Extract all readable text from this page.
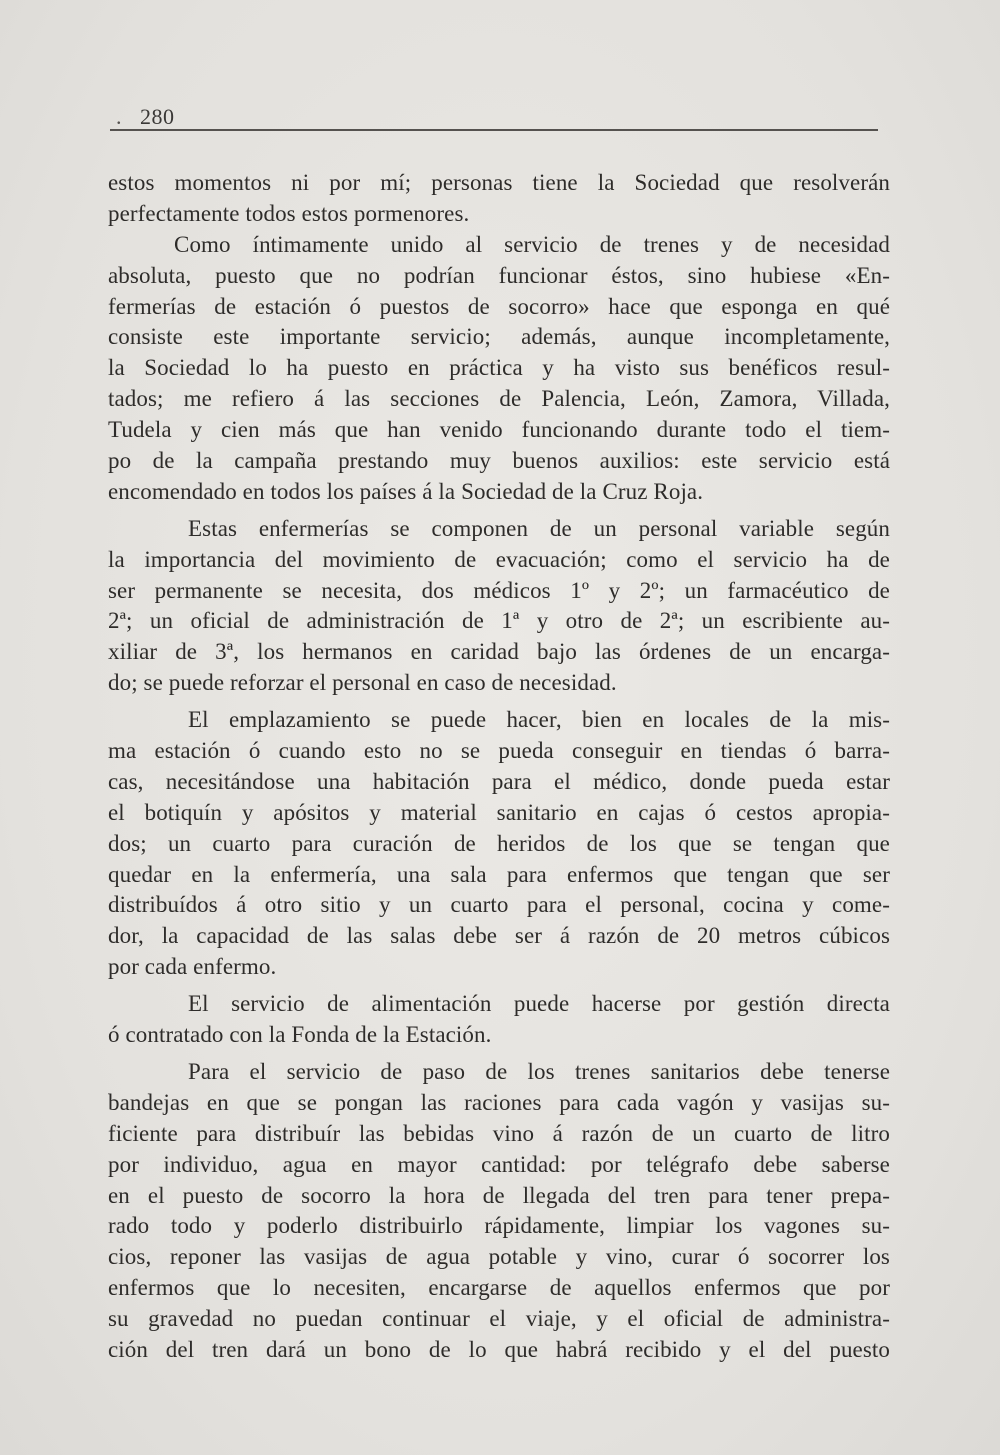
. 280
estos momentos ni por mí; personas tiene la Sociedad que resolverán
perfectamente todos estos pormenores.
Como íntimamente unido al servicio de trenes y de necesidad
absoluta, puesto que no podrían funcionar éstos, sino hubiese «En-
fermerías de estación ó puestos de socorro» hace que esponga en qué
consiste este importante servicio; además, aunque incompletamente,
la Sociedad lo ha puesto en práctica y ha visto sus benéficos resul-
tados; me refiero á las secciones de Palencia, León, Zamora, Villada,
Tudela y cien más que han venido funcionando durante todo el tiem-
po de la campaña prestando muy buenos auxilios: este servicio está
encomendado en todos los países á la Sociedad de la Cruz Roja.
Estas enfermerías se componen de un personal variable según
la importancia del movimiento de evacuación; como el servicio ha de
ser permanente se necesita, dos médicos 1º y 2º; un farmacéutico de
2ª; un oficial de administración de 1ª y otro de 2ª; un escribiente au-
xiliar de 3ª, los hermanos en caridad bajo las órdenes de un encarga-
do; se puede reforzar el personal en caso de necesidad.
El emplazamiento se puede hacer, bien en locales de la mis-
ma estación ó cuando esto no se pueda conseguir en tiendas ó barra-
cas, necesitándose una habitación para el médico, donde pueda estar
el botiquín y apósitos y material sanitario en cajas ó cestos apropia-
dos; un cuarto para curación de heridos de los que se tengan que
quedar en la enfermería, una sala para enfermos que tengan que ser
distribuídos á otro sitio y un cuarto para el personal, cocina y come-
dor, la capacidad de las salas debe ser á razón de 20 metros cúbicos
por cada enfermo.
El servicio de alimentación puede hacerse por gestión directa
ó contratado con la Fonda de la Estación.
Para el servicio de paso de los trenes sanitarios debe tenerse
bandejas en que se pongan las raciones para cada vagón y vasijas su-
ficiente para distribuír las bebidas vino á razón de un cuarto de litro
por individuo, agua en mayor cantidad: por telégrafo debe saberse
en el puesto de socorro la hora de llegada del tren para tener prepa-
rado todo y poderlo distribuirlo rápidamente, limpiar los vagones su-
cios, reponer las vasijas de agua potable y vino, curar ó socorrer los
enfermos que lo necesiten, encargarse de aquellos enfermos que por
su gravedad no puedan continuar el viaje, y el oficial de administra-
ción del tren dará un bono de lo que habrá recibido y el del puesto
